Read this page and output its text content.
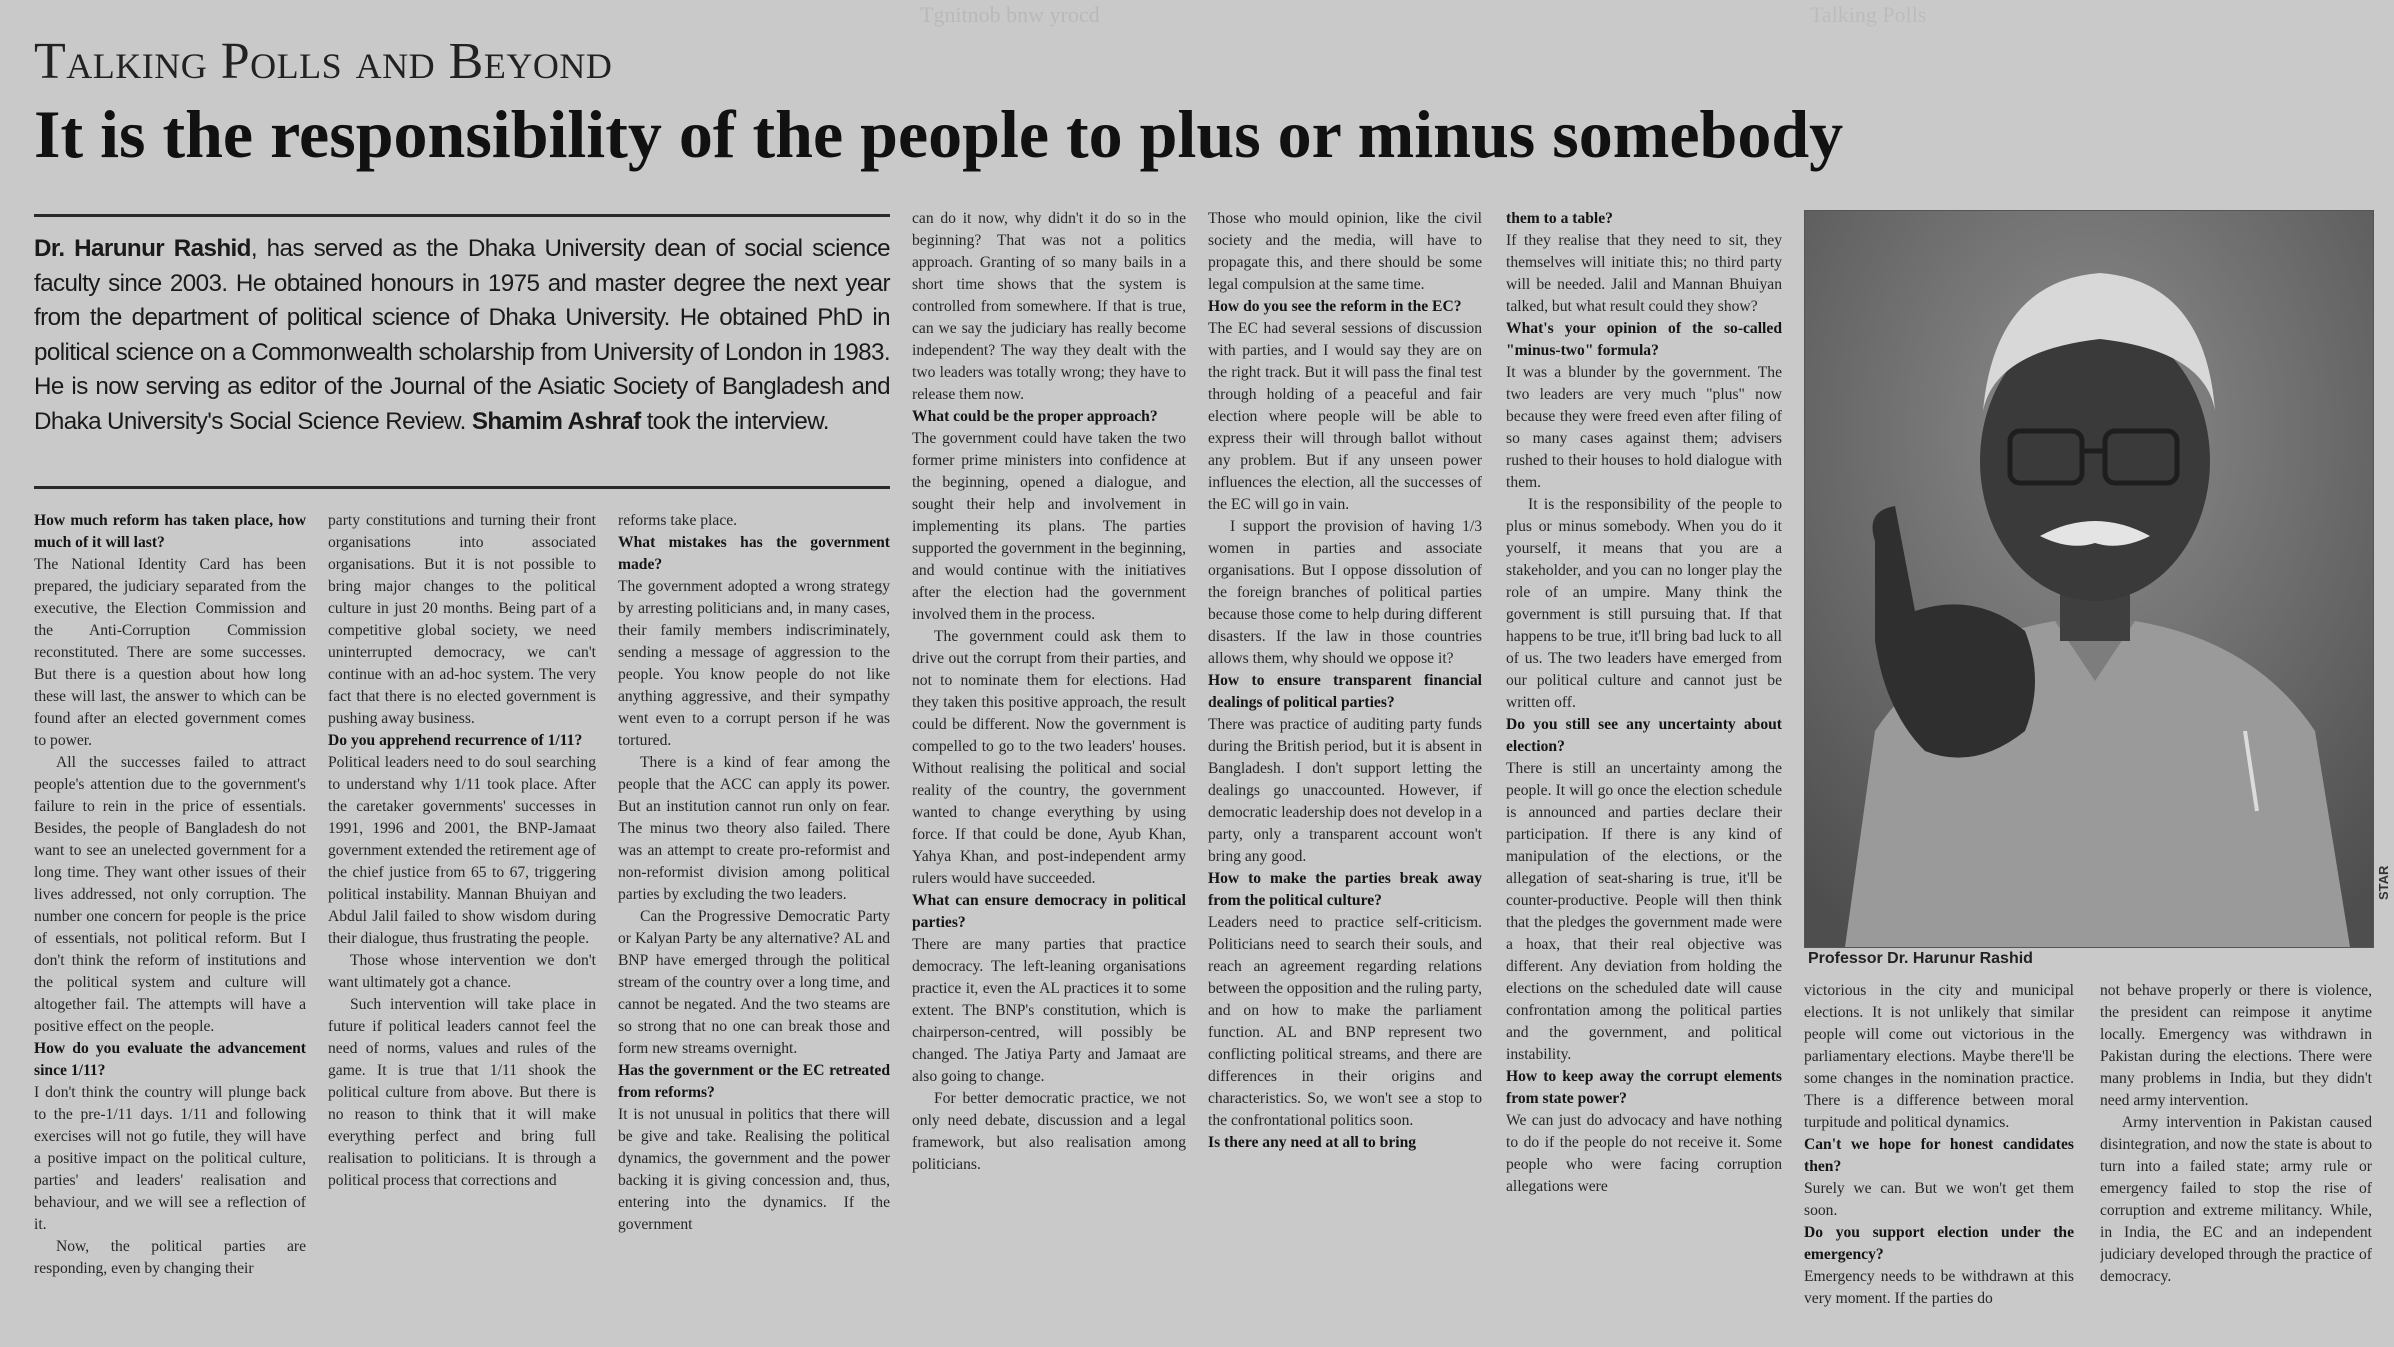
Tgnitnob bnw yrocd	Talking Polls
Talking Polls and Beyond
It is the responsibility of the people to plus or minus somebody
Dr. Harunur Rashid, has served as the Dhaka University dean of social science faculty since 2003. He obtained honours in 1975 and master degree the next year from the department of political science of Dhaka University. He obtained PhD in political science on a Commonwealth scholarship from University of London in 1983. He is now serving as editor of the Journal of the Asiatic Society of Bangladesh and Dhaka University's Social Science Review. Shamim Ashraf took the interview.

How much reform has taken place, how much of it will last?

The National Identity Card has been prepared, the judiciary separated from the executive, the Election Commission and the Anti-Corruption Commission reconstituted. There are some successes. But there is a question about how long these will last, the answer to which can be found after an elected government comes to power.

All the successes failed to attract people's attention due to the government's failure to rein in the price of essentials. Besides, the people of Bangladesh do not want to see an unelected government for a long time. They want other issues of their lives addressed, not only corruption. The number one concern for people is the price of essentials, not political reform. But I don't think the reform of institutions and the political system and culture will altogether fail. The attempts will have a positive effect on the people.

How do you evaluate the advancement since 1/11?

I don't think the country will plunge back to the pre-1/11 days. 1/11 and following exercises will not go futile, they will have a positive impact on the political culture, parties' and leaders' realisation and behaviour, and we will see a reflection of it.

Now, the political parties are responding, even by changing their

party constitutions and turning their front organisations into associated organisations. But it is not possible to bring major changes to the political culture in just 20 months. Being part of a competitive global society, we need uninterrupted democracy, we can't continue with an ad-hoc system. The very fact that there is no elected government is pushing away business.

Do you apprehend recurrence of 1/11?

Political leaders need to do soul searching to understand why 1/11 took place. After the caretaker governments' successes in 1991, 1996 and 2001, the BNP-Jamaat government extended the retirement age of the chief justice from 65 to 67, triggering political instability. Mannan Bhuiyan and Abdul Jalil failed to show wisdom during their dialogue, thus frustrating the people.

Those whose intervention we don't want ultimately got a chance.

Such intervention will take place in future if political leaders cannot feel the need of norms, values and rules of the game. It is true that 1/11 shook the political culture from above. But there is no reason to think that it will make everything perfect and bring full realisation to politicians. It is through a political process that corrections and

reforms take place.

What mistakes has the government made?

The government adopted a wrong strategy by arresting politicians and, in many cases, their family members indiscriminately, sending a message of aggression to the people. You know people do not like anything aggressive, and their sympathy went even to a corrupt person if he was tortured.

There is a kind of fear among the people that the ACC can apply its power. But an institution cannot run only on fear. The minus two theory also failed. There was an attempt to create pro-reformist and non-reformist division among political parties by excluding the two leaders.

Can the Progressive Democratic Party or Kalyan Party be any alternative? AL and BNP have emerged through the political stream of the country over a long time, and cannot be negated. And the two steams are so strong that no one can break those and form new streams overnight.

Has the government or the EC retreated from reforms?

It is not unusual in politics that there will be give and take. Realising the political dynamics, the government and the power backing it is giving concession and, thus, entering into the dynamics. If the government

can do it now, why didn't it do so in the beginning? That was not a politics approach. Granting of so many bails in a short time shows that the system is controlled from somewhere. If that is true, can we say the judiciary has really become independent? The way they dealt with the two leaders was totally wrong; they have to release them now.

What could be the proper approach?

The government could have taken the two former prime ministers into confidence at the beginning, opened a dialogue, and sought their help and involvement in implementing its plans. The parties supported the government in the beginning, and would continue with the initiatives after the election had the government involved them in the process.

The government could ask them to drive out the corrupt from their parties, and not to nominate them for elections. Had they taken this positive approach, the result could be different. Now the government is compelled to go to the two leaders' houses. Without realising the political and social reality of the country, the government wanted to change everything by using force. If that could be done, Ayub Khan, Yahya Khan, and post-independent army rulers would have succeeded.

What can ensure democracy in political parties?

There are many parties that practice democracy. The left-leaning organisations practice it, even the AL practices it to some extent. The BNP's constitution, which is chairperson-centred, will possibly be changed. The Jatiya Party and Jamaat are also going to change.

For better democratic practice, we not only need debate, discussion and a legal framework, but also realisation among politicians.

Those who mould opinion, like the civil society and the media, will have to propagate this, and there should be some legal compulsion at the same time.

How do you see the reform in the EC?

The EC had several sessions of discussion with parties, and I would say they are on the right track. But it will pass the final test through holding of a peaceful and fair election where people will be able to express their will through ballot without any problem. But if any unseen power influences the election, all the successes of the EC will go in vain.

I support the provision of having 1/3 women in parties and associate organisations. But I oppose dissolution of the foreign branches of political parties because those come to help during different disasters. If the law in those countries allows them, why should we oppose it?

How to ensure transparent financial dealings of political parties?

There was practice of auditing party funds during the British period, but it is absent in Bangladesh. I don't support letting the dealings go unaccounted. However, if democratic leadership does not develop in a party, only a transparent account won't bring any good.

How to make the parties break away from the political culture?

Leaders need to practice self-criticism. Politicians need to search their souls, and reach an agreement regarding relations between the opposition and the ruling party, and on how to make the parliament function. AL and BNP represent two conflicting political streams, and there are differences in their origins and characteristics. So, we won't see a stop to the confrontational politics soon.

Is there any need at all to bring

them to a table?

If they realise that they need to sit, they themselves will initiate this; no third party will be needed. Jalil and Mannan Bhuiyan talked, but what result could they show?

What's your opinion of the so-called "minus-two" formula?

It was a blunder by the government. The two leaders are very much "plus" now because they were freed even after filing of so many cases against them; advisers rushed to their houses to hold dialogue with them.

It is the responsibility of the people to plus or minus somebody. When you do it yourself, it means that you are a stakeholder, and you can no longer play the role of an umpire. Many think the government is still pursuing that. If that happens to be true, it'll bring bad luck to all of us. The two leaders have emerged from our political culture and cannot just be written off.

Do you still see any uncertainty about election?

There is still an uncertainty among the people. It will go once the election schedule is announced and parties declare their participation. If there is any kind of manipulation of the elections, or the allegation of seat-sharing is true, it'll be counter-productive. People will then think that the pledges the government made were a hoax, that their real objective was different. Any deviation from holding the elections on the scheduled date will cause confrontation among the political parties and the government, and political instability.

How to keep away the corrupt elements from state power?

We can just do advocacy and have nothing to do if the people do not receive it. Some people who were facing corruption allegations were

victorious in the city and municipal elections. It is not unlikely that similar people will come out victorious in the parliamentary elections. Maybe there'll be some changes in the nomination practice. There is a difference between moral turpitude and political dynamics.

Can't we hope for honest candidates then?

Surely we can. But we won't get them soon.

Do you support election under the emergency?

Emergency needs to be withdrawn at this very moment. If the parties do

not behave properly or there is violence, the president can reimpose it anytime locally. Emergency was withdrawn in Pakistan during the elections. There were many problems in India, but they didn't need army intervention.

Army intervention in Pakistan caused disintegration, and now the state is about to turn into a failed state; army rule or emergency failed to stop the rise of corruption and extreme militancy. While, in India, the EC and an independent judiciary developed through the practice of democracy.

Professor Dr. Harunur Rashid
STAR
